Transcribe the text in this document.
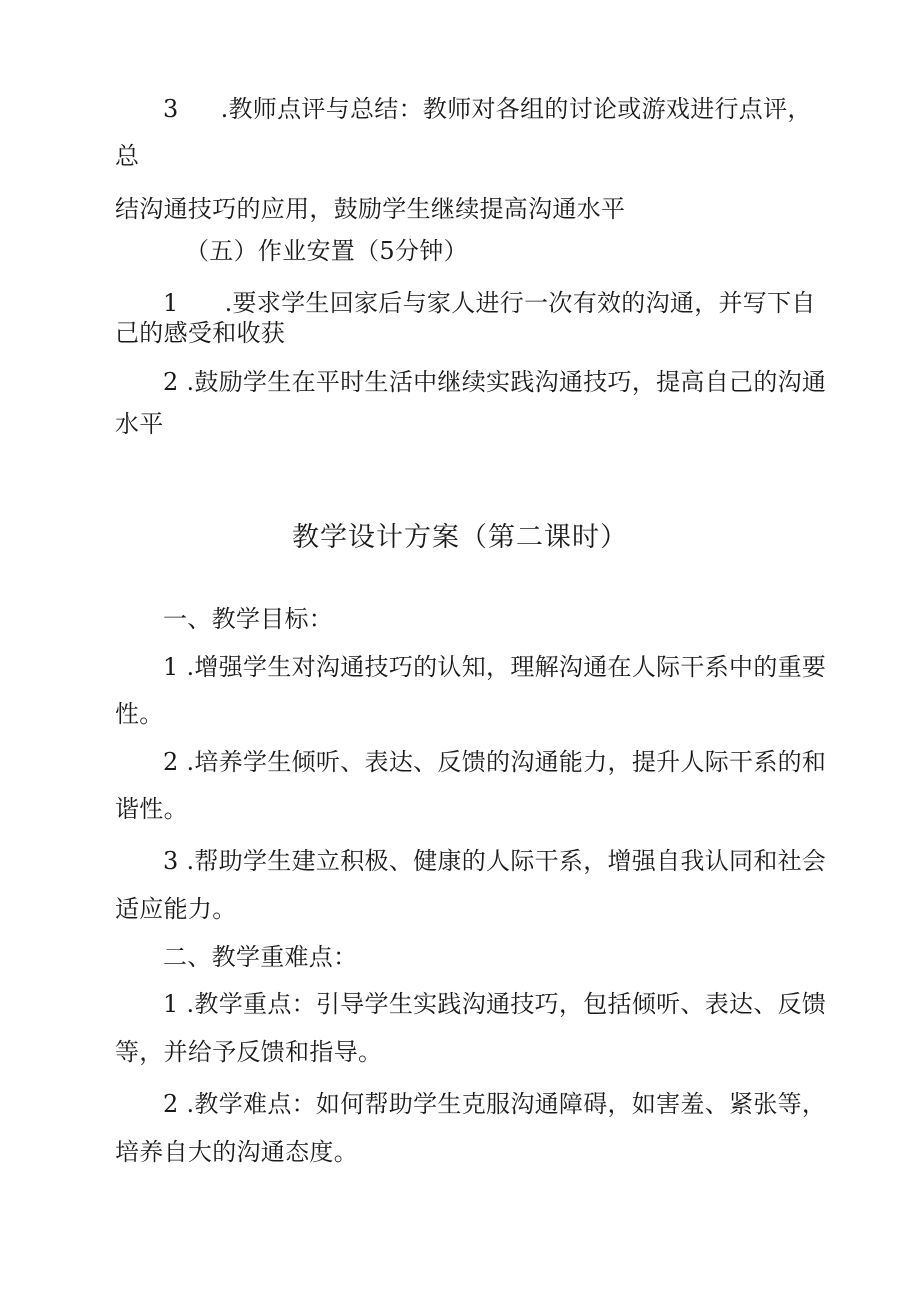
3 .教师点评与总结：教师对各组的讨论或游戏进行点评，
总
结沟通技巧的应用，鼓励学生继续提高沟通水平
（五）作业安置（5分钟）
1 .要求学生回家后与家人进行一次有效的沟通，并写下自
己的感受和收获
2 .鼓励学生在平时生活中继续实践沟通技巧，提高自己的沟通
水平
教学设计方案（第二课时）
一、教学目标：
1 .增强学生对沟通技巧的认知，理解沟通在人际干系中的重要
性。
2 .培养学生倾听、表达、反馈的沟通能力，提升人际干系的和
谐性。
3 .帮助学生建立积极、健康的人际干系，增强自我认同和社会
适应能力。
二、教学重难点：
1 .教学重点：引导学生实践沟通技巧，包括倾听、表达、反馈
等，并给予反馈和指导。
2 .教学难点：如何帮助学生克服沟通障碍，如害羞、紧张等，
培养自大的沟通态度。
